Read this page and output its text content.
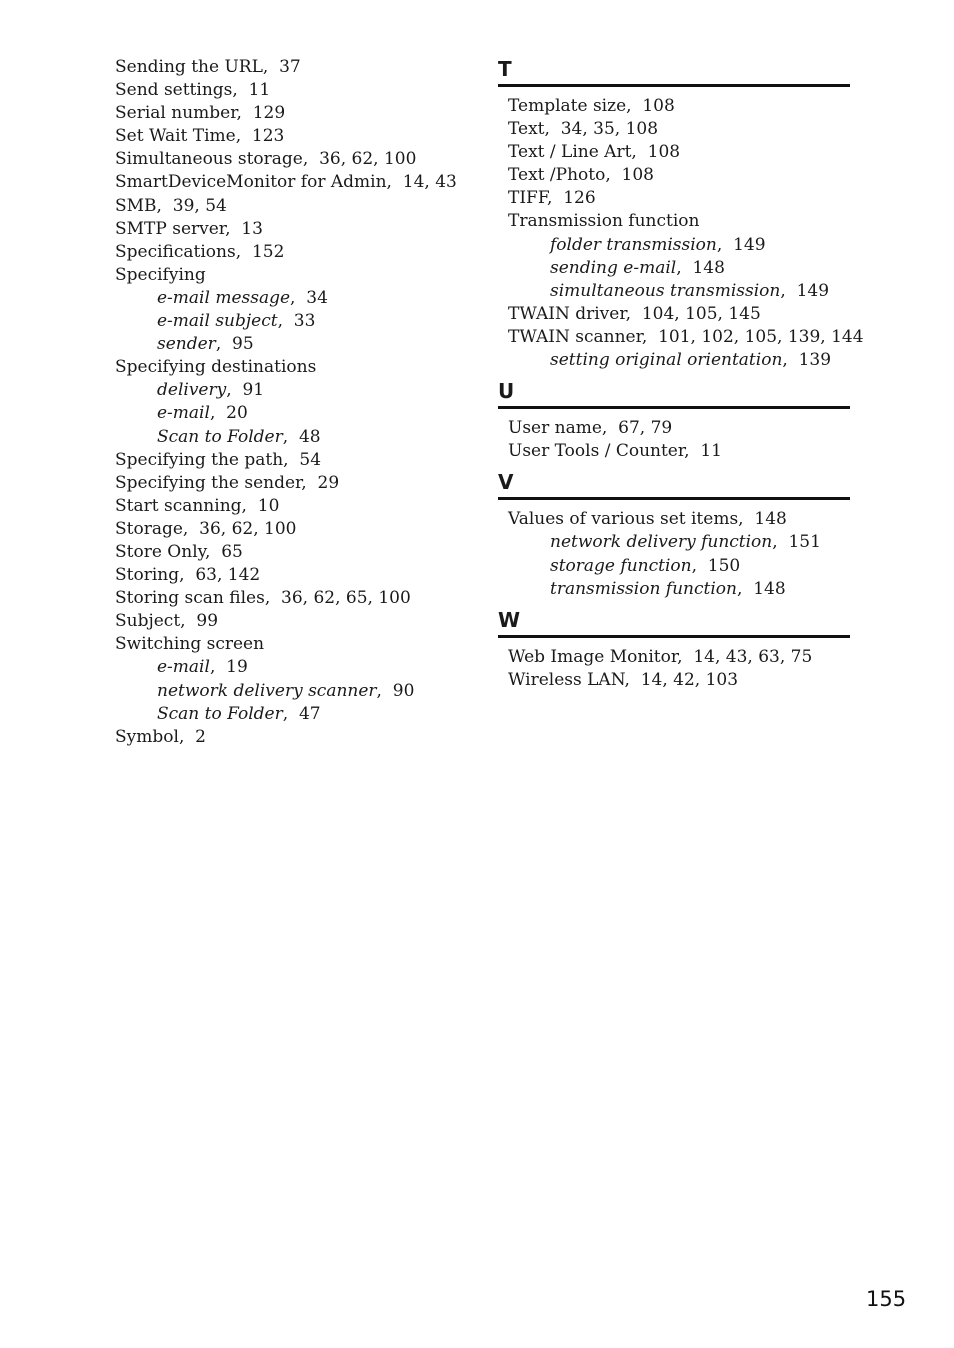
Sending the URL ,  37
Send settings ,  11
Serial number ,  129
Set Wait Time ,  123
Simultaneous storage ,  36, 62, 100
SmartDeviceMonitor for Admin ,  14, 43
SMB ,  39, 54
SMTP server ,  13
Specifications ,  152
Specifying
e-mail message ,  34
e-mail subject ,  33
sender ,  95
Specifying destinations
delivery ,  91
e-mail ,  20
Scan to Folder ,  48
Specifying the path ,  54
Specifying the sender ,  29
Start scanning ,  10
Storage ,  36, 62, 100
Store Only ,  65
Storing ,  63, 142
Storing scan files ,  36, 62, 65, 100
Subject ,  99
Switching screen
e-mail ,  19
network delivery scanner ,  90
Scan to Folder ,  47
Symbol ,  2
T
Template size ,  108
Text ,  34, 35, 108
Text / Line Art ,  108
Text /Photo ,  108
TIFF ,  126
Transmission function
folder transmission ,  149
sending e-mail ,  148
simultaneous transmission ,  149
TWAIN driver ,  104, 105, 145
TWAIN scanner ,  101, 102, 105, 139, 144
setting original orientation ,  139
U
User name ,  67, 79
User Tools / Counter ,  11
V
Values of various set items ,  148
network delivery function ,  151
storage function ,  150
transmission function ,  148
W
Web Image Monitor ,  14, 43, 63, 75
Wireless LAN ,  14, 42, 103
155
